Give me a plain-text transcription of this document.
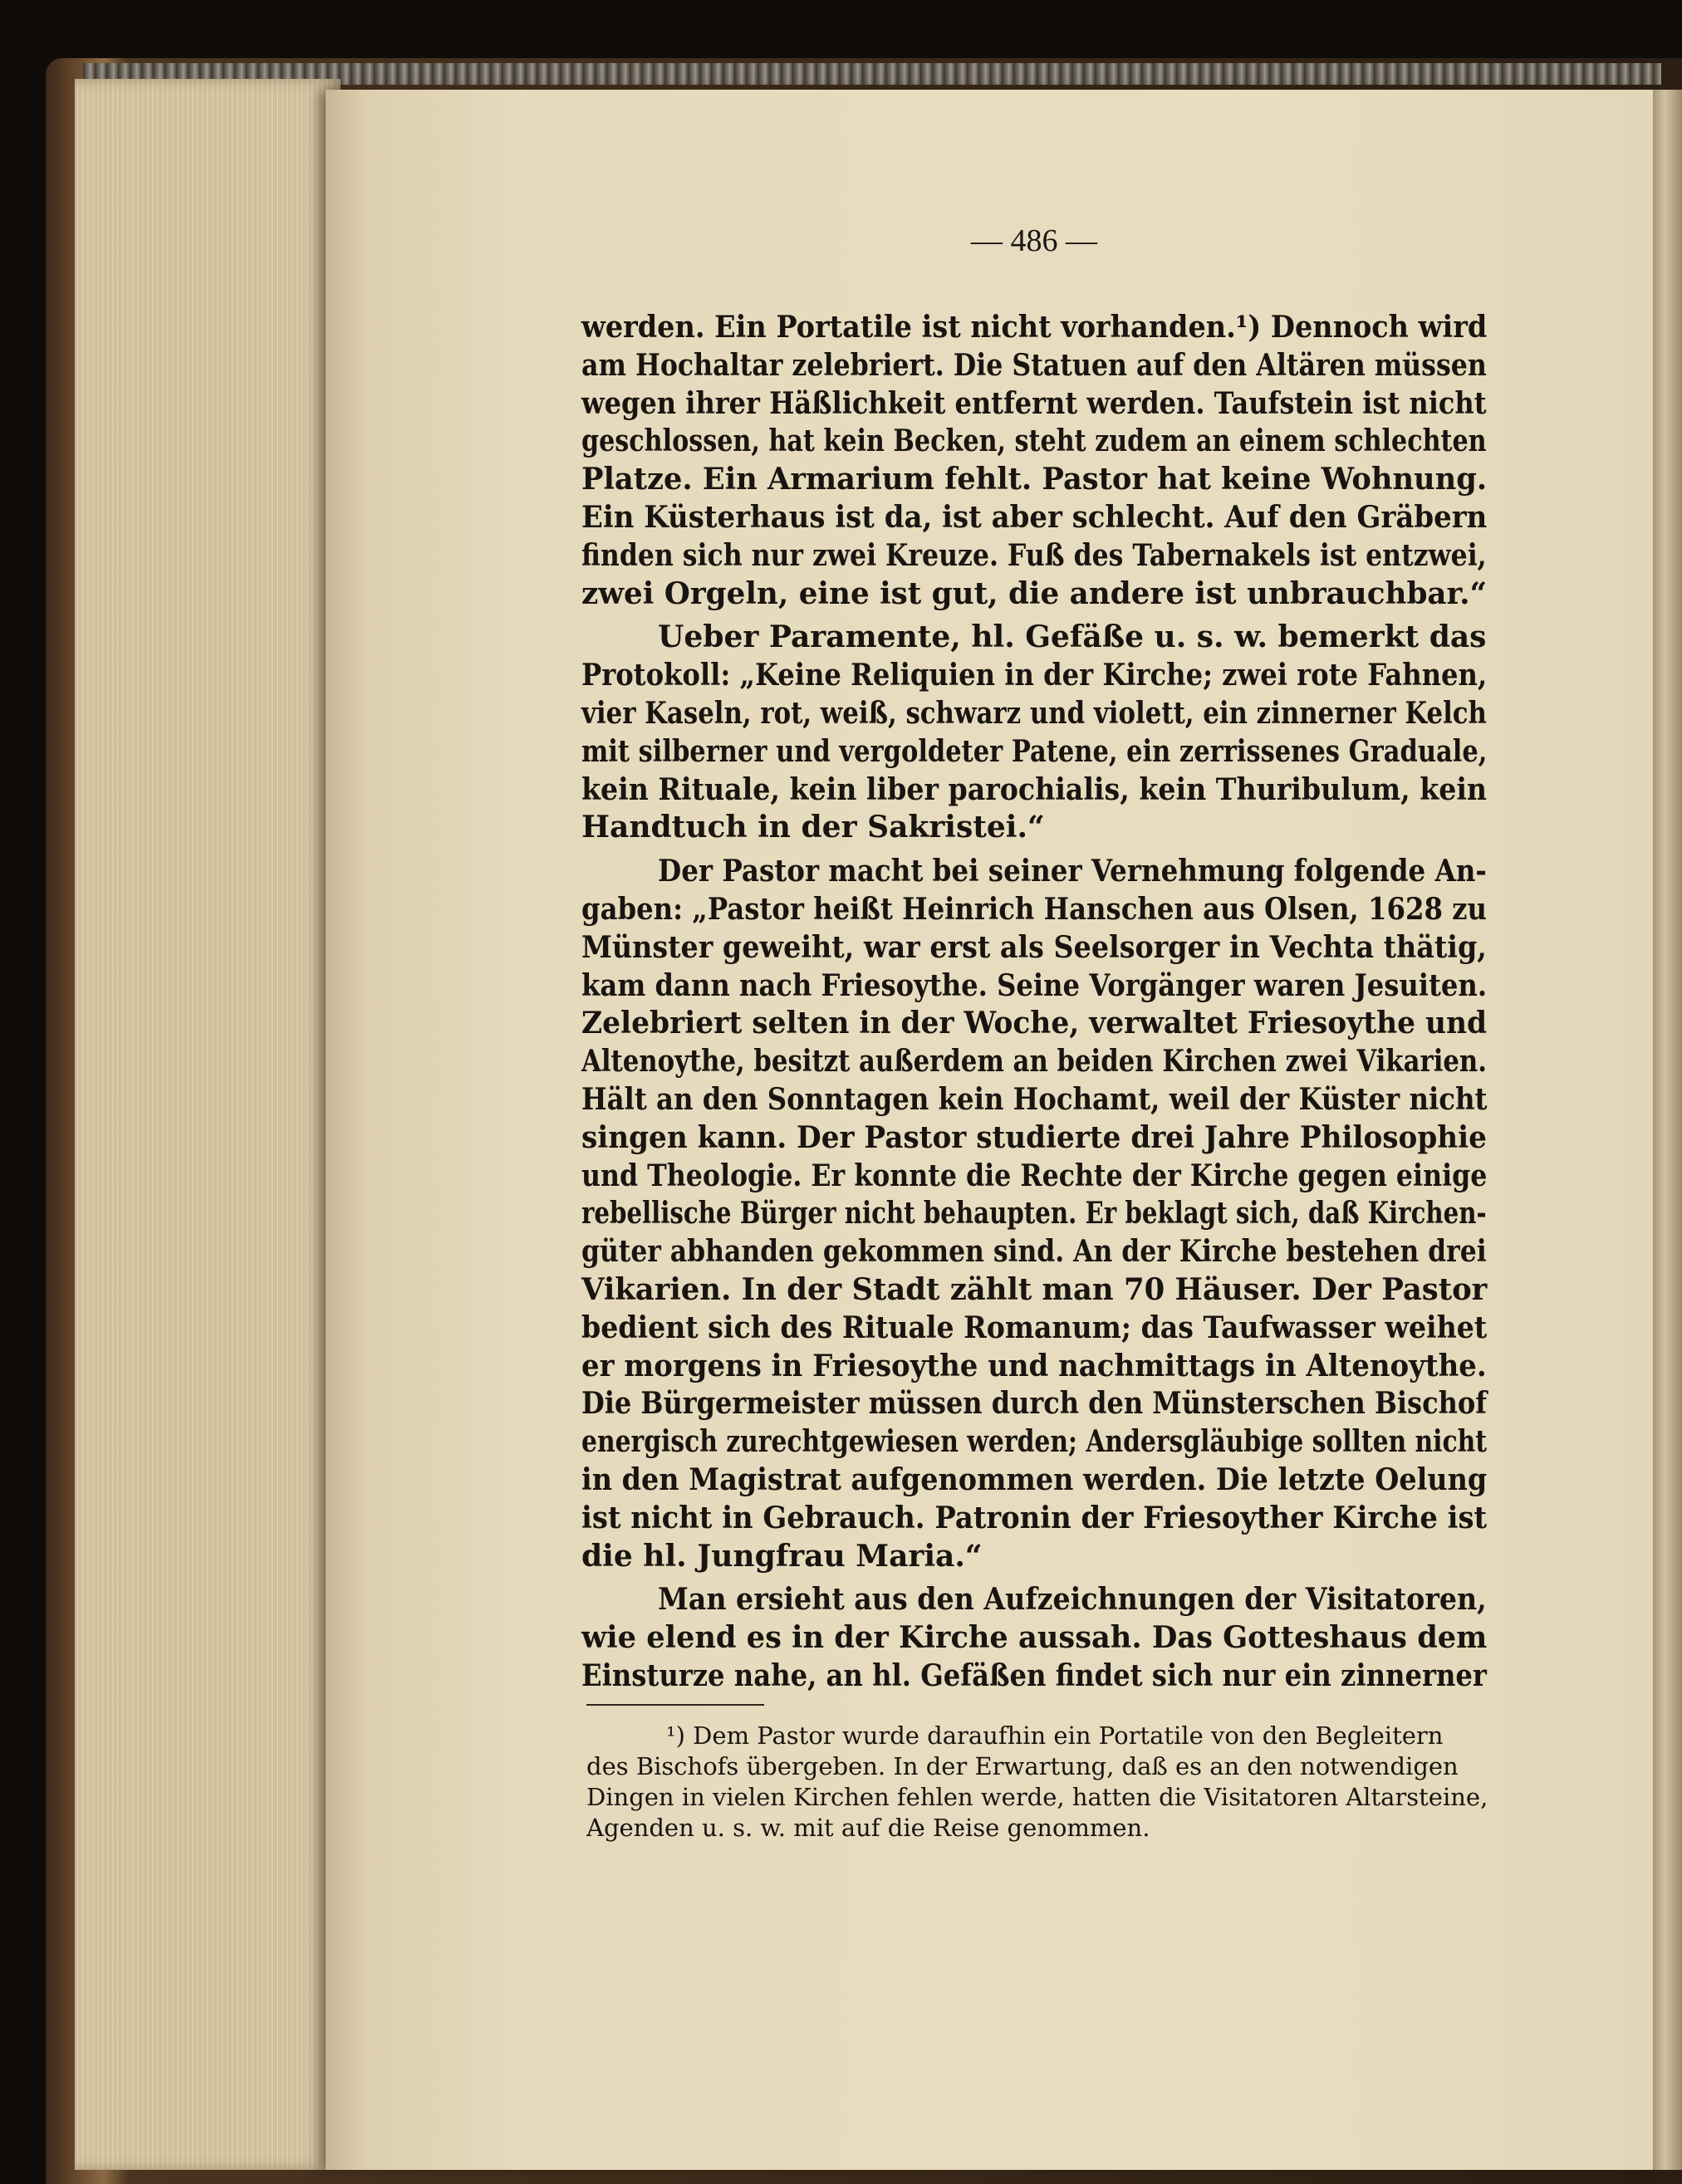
— 486 —
werden. Ein Portatile ist nicht vorhanden.¹) Dennoch wird
am Hochaltar zelebriert. Die Statuen auf den Altären müssen
wegen ihrer Häßlichkeit entfernt werden. Taufstein ist nicht
geschlossen, hat kein Becken, steht zudem an einem schlechten
Platze. Ein Armarium fehlt. Pastor hat keine Wohnung.
Ein Küsterhaus ist da, ist aber schlecht. Auf den Gräbern
finden sich nur zwei Kreuze. Fuß des Tabernakels ist entzwei,
zwei Orgeln, eine ist gut, die andere ist unbrauchbar.“
Ueber Paramente, hl. Gefäße u. s. w. bemerkt das
Protokoll: „Keine Reliquien in der Kirche; zwei rote Fahnen,
vier Kaseln, rot, weiß, schwarz und violett, ein zinnerner Kelch
mit silberner und vergoldeter Patene, ein zerrissenes Graduale,
kein Rituale, kein liber parochialis, kein Thuribulum, kein
Handtuch in der Sakristei.“
Der Pastor macht bei seiner Vernehmung folgende An-
gaben: „Pastor heißt Heinrich Hanschen aus Olsen, 1628 zu
Münster geweiht, war erst als Seelsorger in Vechta thätig,
kam dann nach Friesoythe. Seine Vorgänger waren Jesuiten.
Zelebriert selten in der Woche, verwaltet Friesoythe und
Altenoythe, besitzt außerdem an beiden Kirchen zwei Vikarien.
Hält an den Sonntagen kein Hochamt, weil der Küster nicht
singen kann. Der Pastor studierte drei Jahre Philosophie
und Theologie. Er konnte die Rechte der Kirche gegen einige
rebellische Bürger nicht behaupten. Er beklagt sich, daß Kirchen-
güter abhanden gekommen sind. An der Kirche bestehen drei
Vikarien. In der Stadt zählt man 70 Häuser. Der Pastor
bedient sich des Rituale Romanum; das Taufwasser weihet
er morgens in Friesoythe und nachmittags in Altenoythe.
Die Bürgermeister müssen durch den Münsterschen Bischof
energisch zurechtgewiesen werden; Andersgläubige sollten nicht
in den Magistrat aufgenommen werden. Die letzte Oelung
ist nicht in Gebrauch. Patronin der Friesoyther Kirche ist
die hl. Jungfrau Maria.“
Man ersieht aus den Aufzeichnungen der Visitatoren,
wie elend es in der Kirche aussah. Das Gotteshaus dem
Einsturze nahe, an hl. Gefäßen findet sich nur ein zinnerner
¹) Dem Pastor wurde daraufhin ein Portatile von den Begleitern
des Bischofs übergeben. In der Erwartung, daß es an den notwendigen
Dingen in vielen Kirchen fehlen werde, hatten die Visitatoren Altarsteine,
Agenden u. s. w. mit auf die Reise genommen.
